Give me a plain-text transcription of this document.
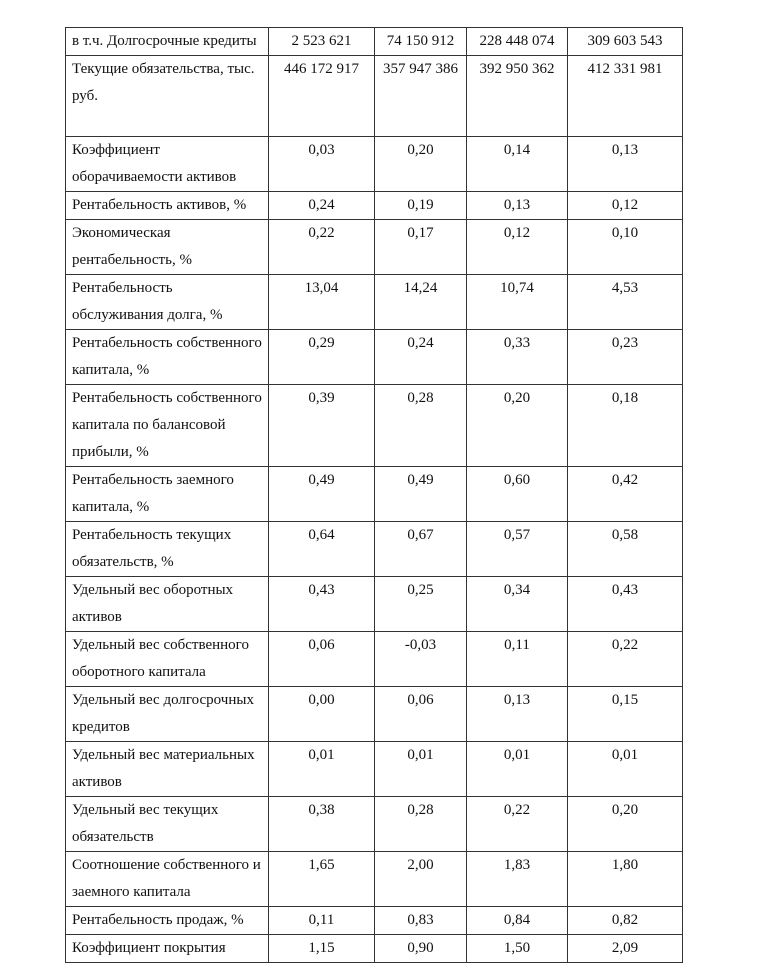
в т.ч. Долгосрочные кредиты	2 523 621	74 150 912	228 448 074	309 603 543
Текущие обязательства, тыс. руб.	446 172 917	357 947 386	392 950 362	412 331 981
Коэффициент оборачиваемости активов	0,03	0,20	0,14	0,13
Рентабельность активов, %	0,24	0,19	0,13	0,12
Экономическая рентабельность, %	0,22	0,17	0,12	0,10
Рентабельность обслуживания долга, %	13,04	14,24	10,74	4,53
Рентабельность собственного капитала, %	0,29	0,24	0,33	0,23
Рентабельность собственного капитала по балансовой прибыли, %	0,39	0,28	0,20	0,18
Рентабельность заемного капитала, %	0,49	0,49	0,60	0,42
Рентабельность текущих обязательств, %	0,64	0,67	0,57	0,58
Удельный вес оборотных активов	0,43	0,25	0,34	0,43
Удельный вес собственного оборотного капитала	0,06	-0,03	0,11	0,22
Удельный вес долгосрочных кредитов	0,00	0,06	0,13	0,15
Удельный вес материальных активов	0,01	0,01	0,01	0,01
Удельный вес текущих обязательств	0,38	0,28	0,22	0,20
Соотношение собственного и заемного капитала	1,65	2,00	1,83	1,80
Рентабельность продаж, %	0,11	0,83	0,84	0,82
Коэффициент покрытия	1,15	0,90	1,50	2,09
